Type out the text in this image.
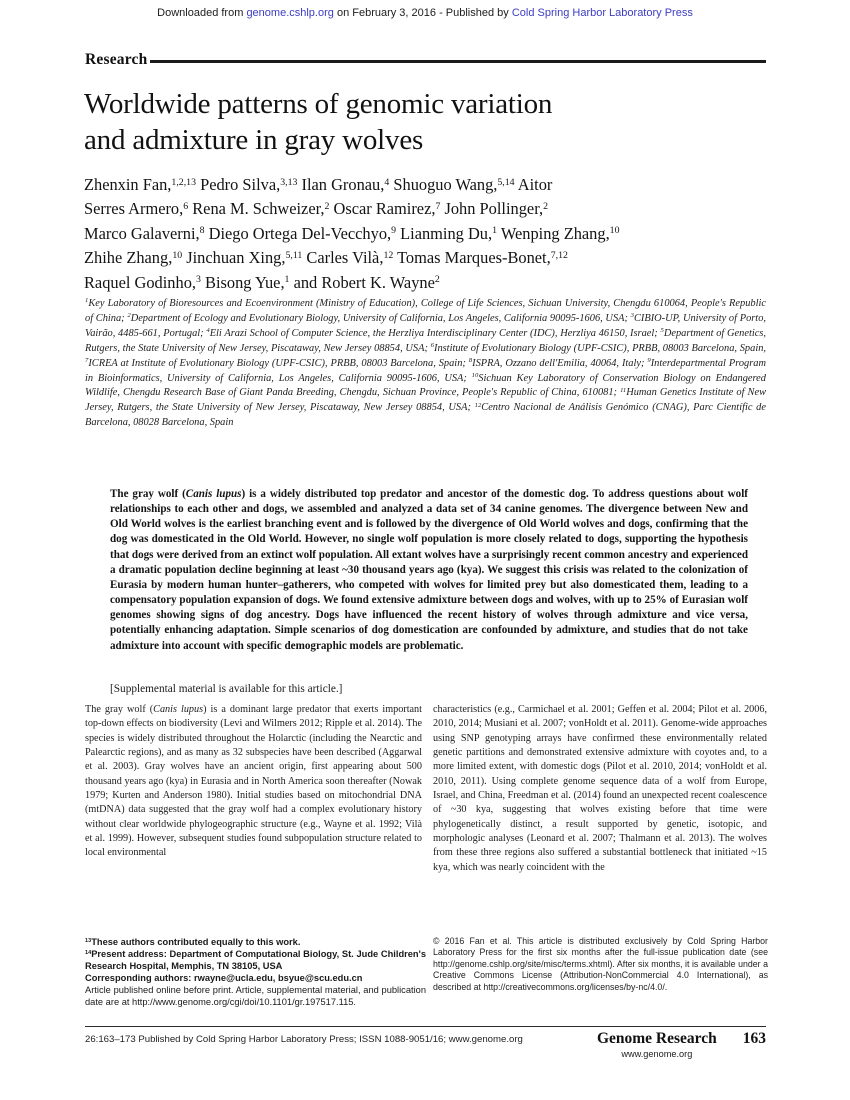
Downloaded from genome.cshlp.org on February 3, 2016 - Published by Cold Spring Harbor Laboratory Press
Research
Worldwide patterns of genomic variation
and admixture in gray wolves
Zhenxin Fan,$^{1,2,13}$ Pedro Silva,$^{3,13}$ Ilan Gronau,$^4$ Shuoguo Wang,$^{5,14}$ Aitor
Serres Armero,$^6$ Rena M. Schweizer,$^2$ Oscar Ramirez,$^7$ John Pollinger,$^2$
Marco Galaverni,$^8$ Diego Ortega Del-Vecchyo,$^9$ Lianming Du,$^1$ Wenping Zhang,$^{10}$
Zhihe Zhang,$^{10}$ Jinchuan Xing,$^{5,11}$ Carles Vilà,$^{12}$ Tomas Marques-Bonet,$^{7,12}$
Raquel Godinho,$^3$ Bisong Yue,$^1$ and Robert K. Wayne$^2$
$^1$Key Laboratory of Bioresources and Ecoenvironment (Ministry of Education), College of Life Sciences, Sichuan University, Chengdu 610064, People's Republic of China; $^2$Department of Ecology and Evolutionary Biology, University of California, Los Angeles, California 90095-1606, USA; $^3$CIBIO-UP, University of Porto, Vairão, 4485-661, Portugal; $^4$Eli Arazi School of Computer Science, the Herzliya Interdisciplinary Center (IDC), Herzliya 46150, Israel; $^5$Department of Genetics, Rutgers, the State University of New Jersey, Piscataway, New Jersey 08854, USA; $^6$Institute of Evolutionary Biology (UPF-CSIC), PRBB, 08003 Barcelona, Spain, $^7$ICREA at Institute of Evolutionary Biology (UPF-CSIC), PRBB, 08003 Barcelona, Spain; $^8$ISPRA, Ozzano dell'Emilia, 40064, Italy; $^9$Interdepartmental Program in Bioinformatics, University of California, Los Angeles, California 90095-1606, USA; $^{10}$Sichuan Key Laboratory of Conservation Biology on Endangered Wildlife, Chengdu Research Base of Giant Panda Breeding, Chengdu, Sichuan Province, People's Republic of China, 610081; $^{11}$Human Genetics Institute of New Jersey, Rutgers, the State University of New Jersey, Piscataway, New Jersey 08854, USA; $^{12}$Centro Nacional de Análisis Genómico (CNAG), Parc Científic de Barcelona, 08028 Barcelona, Spain
The gray wolf (Canis lupus) is a widely distributed top predator and ancestor of the domestic dog. To address questions about wolf relationships to each other and dogs, we assembled and analyzed a data set of 34 canine genomes. The divergence between New and Old World wolves is the earliest branching event and is followed by the divergence of Old World wolves and dogs, confirming that the dog was domesticated in the Old World. However, no single wolf population is more closely related to dogs, supporting the hypothesis that dogs were derived from an extinct wolf population. All extant wolves have a surprisingly recent common ancestry and experienced a dramatic population decline beginning at least ~30 thousand years ago (kya). We suggest this crisis was related to the colonization of Eurasia by modern human hunter–gatherers, who competed with wolves for limited prey but also domesticated them, leading to a compensatory population expansion of dogs. We found extensive admixture between dogs and wolves, with up to 25% of Eurasian wolf genomes showing signs of dog ancestry. Dogs have influenced the recent history of wolves through admixture and vice versa, potentially enhancing adaptation. Simple scenarios of dog domestication are confounded by admixture, and studies that do not take admixture into account with specific demographic models are problematic.
[Supplemental material is available for this article.]
The gray wolf (Canis lupus) is a dominant large predator that exerts important top-down effects on biodiversity (Levi and Wilmers 2012; Ripple et al. 2014). The species is widely distributed throughout the Holarctic (including the Nearctic and Palearctic regions), and as many as 32 subspecies have been described (Aggarwal et al. 2003). Gray wolves have an ancient origin, first appearing about 500 thousand years ago (kya) in Eurasia and in North America soon thereafter (Nowak 1979; Kurten and Anderson 1980). Initial studies based on mitochondrial DNA (mtDNA) data suggested that the gray wolf had a complex evolutionary history without clear worldwide phylogeographic structure (e.g., Wayne et al. 1992; Vilà et al. 1999). However, subsequent studies found subpopulation structure related to local environmental
characteristics (e.g., Carmichael et al. 2001; Geffen et al. 2004; Pilot et al. 2006, 2010, 2014; Musiani et al. 2007; vonHoldt et al. 2011). Genome-wide approaches using SNP genotyping arrays have confirmed these environmentally related genetic partitions and demonstrated extensive admixture with coyotes and, to a more limited extent, with domestic dogs (Pilot et al. 2010, 2014; vonHoldt et al. 2010, 2011). Using complete genome sequence data of a wolf from Europe, Israel, and China, Freedman et al. (2014) found an unexpected recent coalescence of ~30 kya, suggesting that wolves existing before that time were phylogenetically distinct, a result supported by genetic, isotopic, and morphologic analyses (Leonard et al. 2007; Thalmann et al. 2013). The wolves from these three regions also suffered a substantial bottleneck that initiated ~15 kya, which was nearly coincident with the
$^{13}$These authors contributed equally to this work.
$^{14}$Present address: Department of Computational Biology, St. Jude Children's Research Hospital, Memphis, TN 38105, USA
Corresponding authors: rwayne@ucla.edu, bsyue@scu.edu.cn
Article published online before print. Article, supplemental material, and publication date are at http://www.genome.org/cgi/doi/10.1101/gr.197517.115.
© 2016 Fan et al. This article is distributed exclusively by Cold Spring Harbor Laboratory Press for the first six months after the full-issue publication date (see http://genome.cshlp.org/site/misc/terms.xhtml). After six months, it is available under a Creative Commons License (Attribution-NonCommercial 4.0 International), as described at http://creativecommons.org/licenses/by-nc/4.0/.
26:163–173 Published by Cold Spring Harbor Laboratory Press; ISSN 1088-9051/16; www.genome.org	Genome Research
www.genome.org
163
